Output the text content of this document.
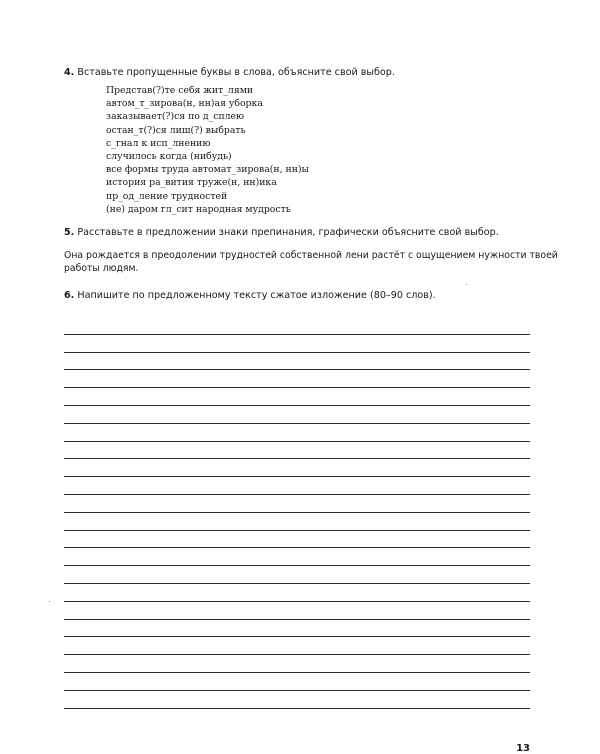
4. Вставьте пропущенные буквы в слова, объясните свой выбор.
Представ(?)те себя жит_лями
автом_т_зирова(н, нн)ая уборка
заказывает(?)ся по д_сплею
остан_т(?)ся лиш(?) выбрать
с_гнал к исп_лнению
случилось когда (нибудь)
все формы труда автомат_зирова(н, нн)ы
история ра_вития труже(н, нн)ика
пр_од_ление трудностей
(не) даром гл_сит народная мудрость
5. Расставьте в предложении знаки препинания, графически объясните свой выбор.
Она рождается в преодолении трудностей собственной лени растёт с ощущением нужности твоей
работы людям.
6. Напишите по предложенному тексту сжатое изложение (80–90 слов).
13
